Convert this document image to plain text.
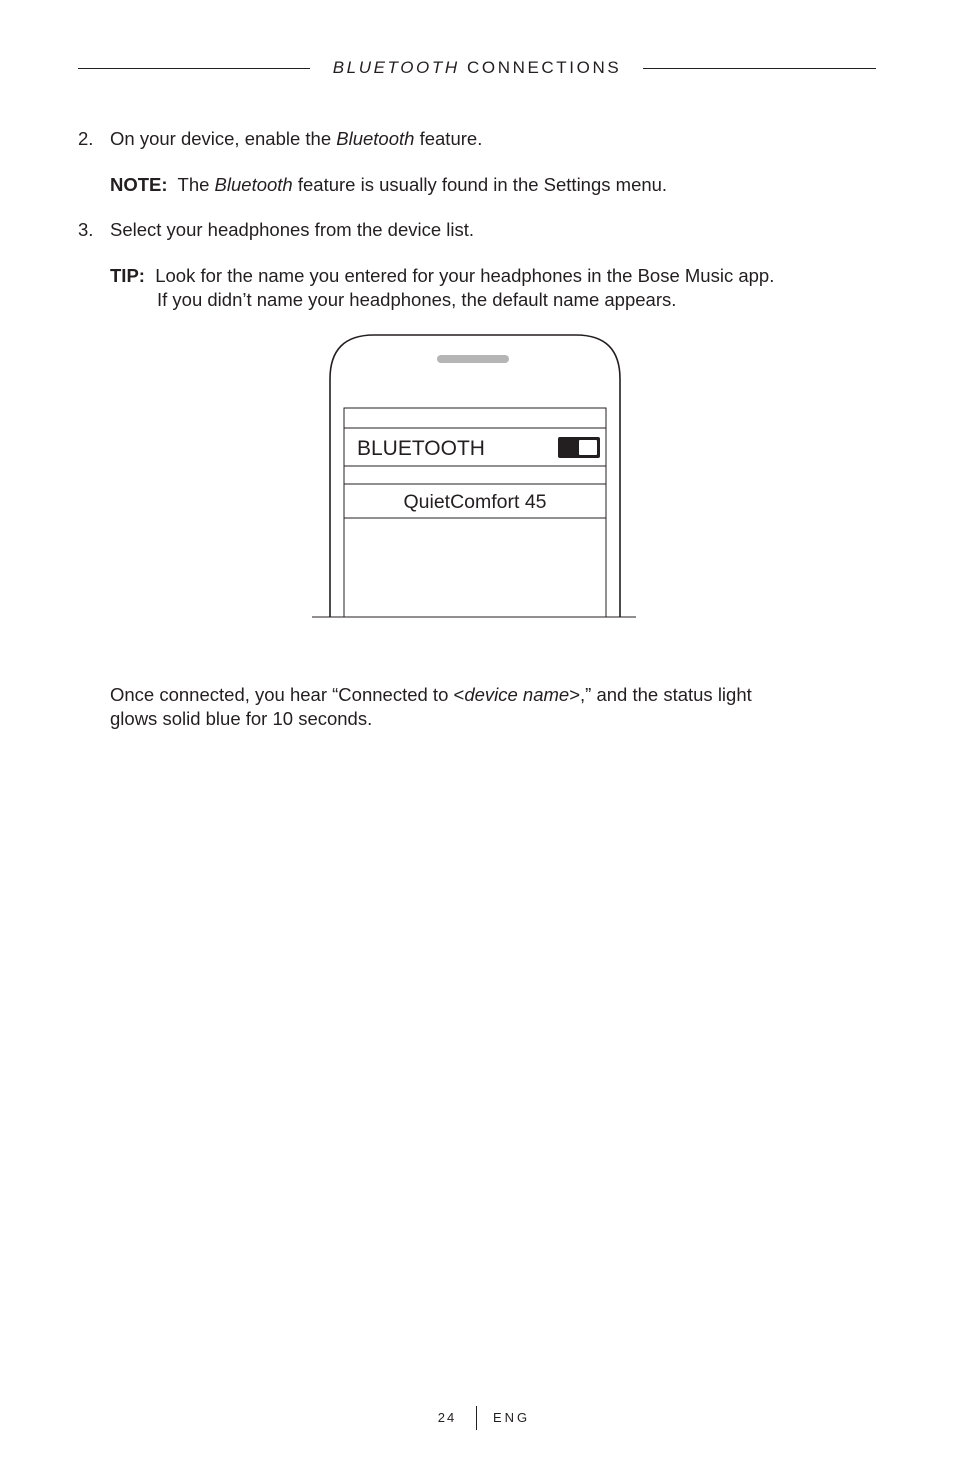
BLUETOOTH CONNECTIONS
2. On your device, enable the Bluetooth feature.
NOTE: The Bluetooth feature is usually found in the Settings menu.
3. Select your headphones from the device list.
TIP: Look for the name you entered for your headphones in the Bose Music app.
If you didn’t name your headphones, the default name appears.
BLUETOOTH
QuietComfort 45
Once connected, you hear “Connected to <device name>,” and the status light
glows solid blue for 10 seconds.
24	ENG
